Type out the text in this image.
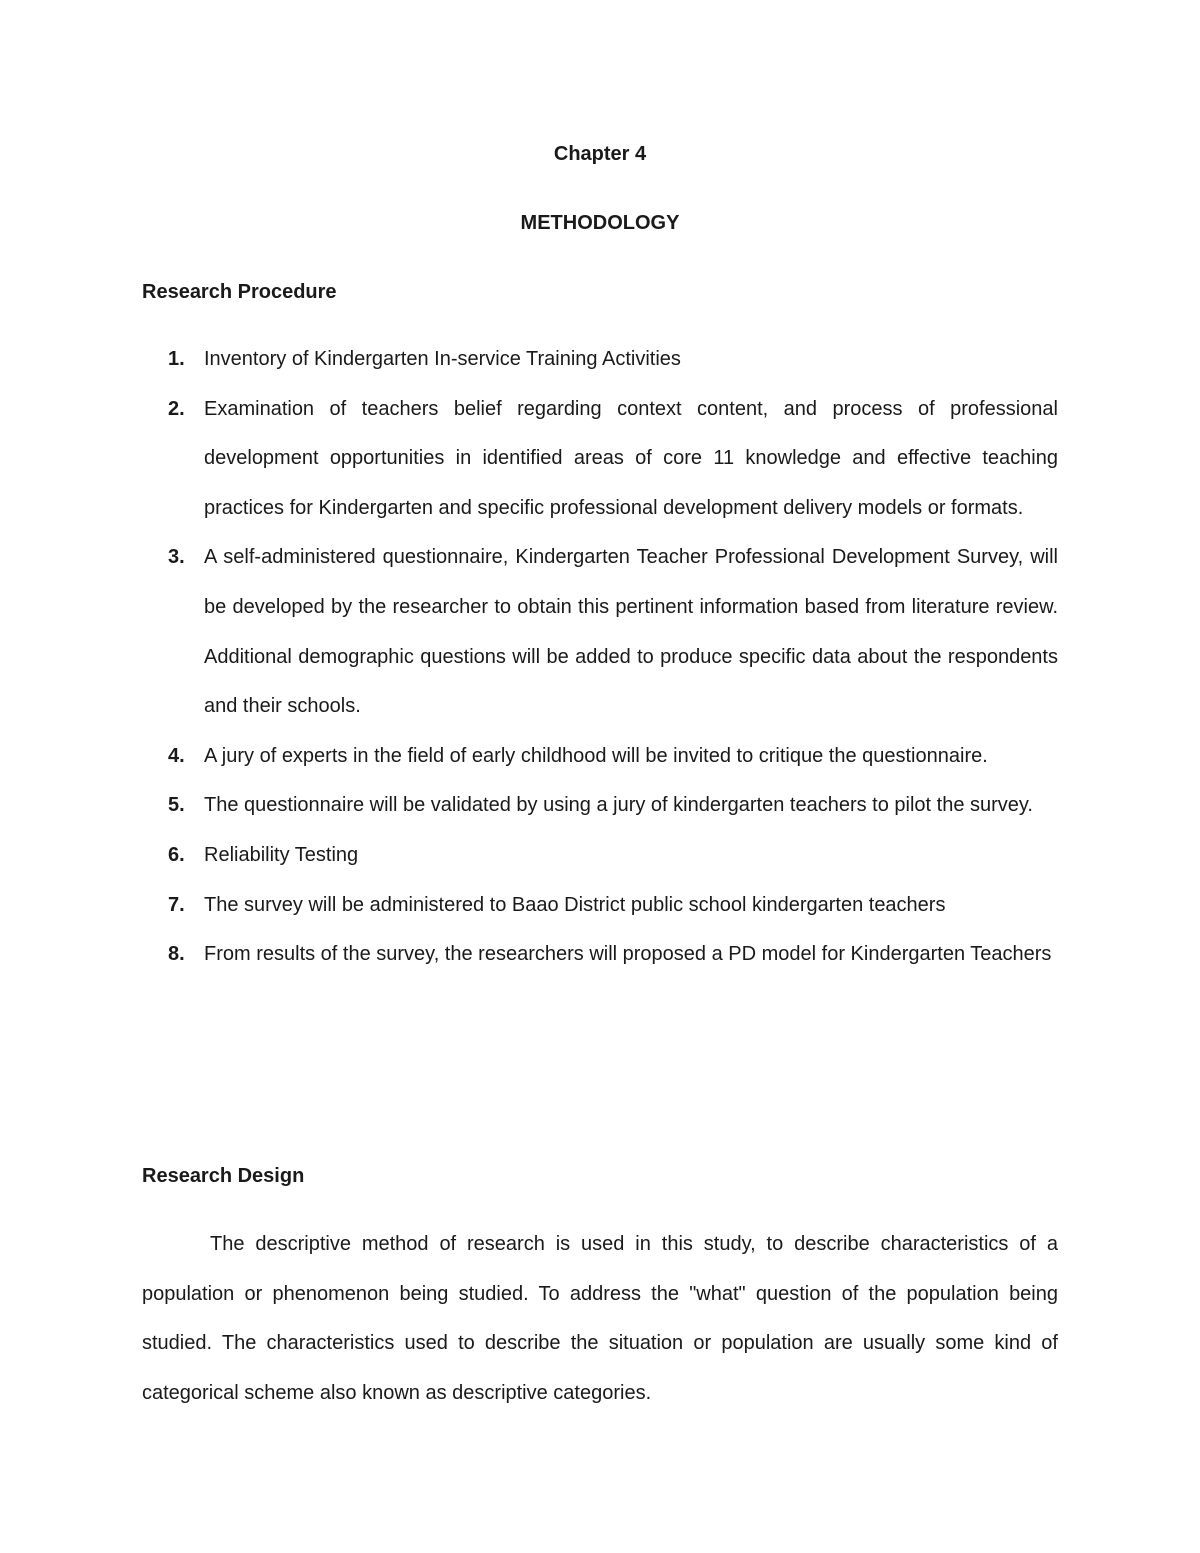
Chapter 4
METHODOLOGY
Research Procedure
1. Inventory of Kindergarten In-service Training Activities
2. Examination of teachers belief regarding context content, and process of professional development opportunities in identified areas of core 11 knowledge and effective teaching practices for Kindergarten and specific professional development delivery models or formats.
3. A self-administered questionnaire, Kindergarten Teacher Professional Development Survey, will be developed by the researcher to obtain this pertinent information based from literature review. Additional demographic questions will be added to produce specific data about the respondents and their schools.
4. A jury of experts in the field of early childhood will be invited to critique the questionnaire.
5. The questionnaire will be validated by using a jury of kindergarten teachers to pilot the survey.
6. Reliability Testing
7. The survey will be administered to Baao District public school kindergarten teachers
8. From results of the survey, the researchers will proposed a PD model for Kindergarten Teachers
Research Design

The descriptive method of research is used in this study, to describe characteristics of a population or phenomenon being studied. To address the "what" question of the population being studied. The characteristics used to describe the situation or population are usually some kind of categorical scheme also known as descriptive categories.
